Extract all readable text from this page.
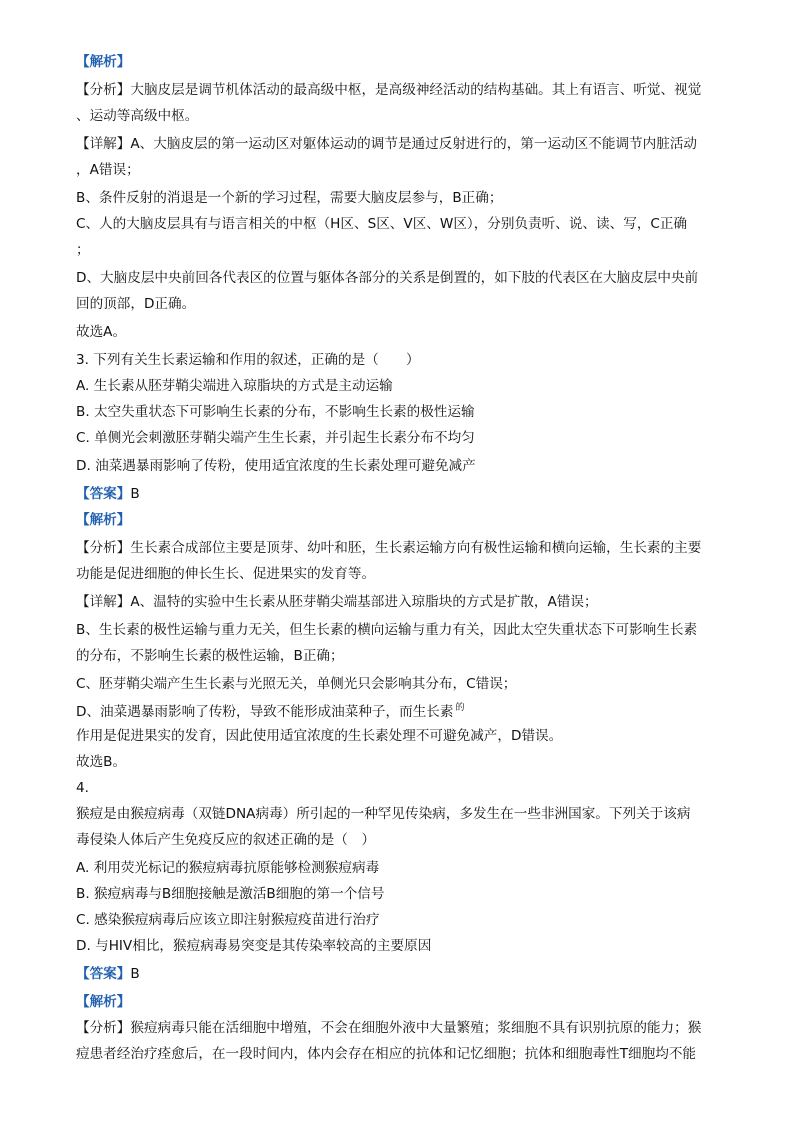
【解析】
【分析】大脑皮层是调节机体活动的最高级中枢，是高级神经活动的结构基础。其上有语言、听觉、视觉
、运动等高级中枢。
【详解】A、大脑皮层的第一运动区对躯体运动的调节是通过反射进行的，第一运动区不能调节内脏活动
，A错误；
B、条件反射的消退是一个新的学习过程，需要大脑皮层参与，B正确；
C、人的大脑皮层具有与语言相关的中枢（H区、S区、V区、W区），分别负责听、说、读、写，C正确
；
D、大脑皮层中央前回各代表区的位置与躯体各部分的关系是倒置的，如下肢的代表区在大脑皮层中央前
回的顶部，D正确。
故选A。
3. 下列有关生长素运输和作用的叙述，正确的是（　　）
A. 生长素从胚芽鞘尖端进入琼脂块的方式是主动运输
B. 太空失重状态下可影响生长素的分布，不影响生长素的极性运输
C. 单侧光会刺激胚芽鞘尖端产生生长素，并引起生长素分布不均匀
D. 油菜遇暴雨影响了传粉，使用适宜浓度的生长素处理可避免减产
【答案】B
【解析】
【分析】生长素合成部位主要是顶芽、幼叶和胚，生长素运输方向有极性运输和横向运输，生长素的主要
功能是促进细胞的伸长生长、促进果实的发育等。
【详解】A、温特的实验中生长素从胚芽鞘尖端基部进入琼脂块的方式是扩散，A错误；
B、生长素的极性运输与重力无关，但生长素的横向运输与重力有关，因此太空失重状态下可影响生长素
的分布，不影响生长素的极性运输，B正确；
C、胚芽鞘尖端产生生长素与光照无关，单侧光只会影响其分布，C错误；
D、油菜遇暴雨影响了传粉，导致不能形成油菜种子，而生长素 $^的$
作用是促进果实的发育，因此使用适宜浓度的生长素处理不可避免减产，D错误。
故选B。
4.
猴痘是由猴痘病毒（双链DNA病毒）所引起的一种罕见传染病，多发生在一些非洲国家。下列关于该病
毒侵染人体后产生免疫反应的叙述正确的是（　）
A. 利用荧光标记的猴痘病毒抗原能够检测猴痘病毒
B. 猴痘病毒与B细胞接触是激活B细胞的第一个信号
C. 感染猴痘病毒后应该立即注射猴痘疫苗进行治疗
D. 与HIV相比，猴痘病毒易突变是其传染率较高的主要原因
【答案】B
【解析】
【分析】猴痘病毒只能在活细胞中增殖，不会在细胞外液中大量繁殖；浆细胞不具有识别抗原的能力；猴
痘患者经治疗痊愈后，在一段时间内，体内会存在相应的抗体和记忆细胞；抗体和细胞毒性T细胞均不能
